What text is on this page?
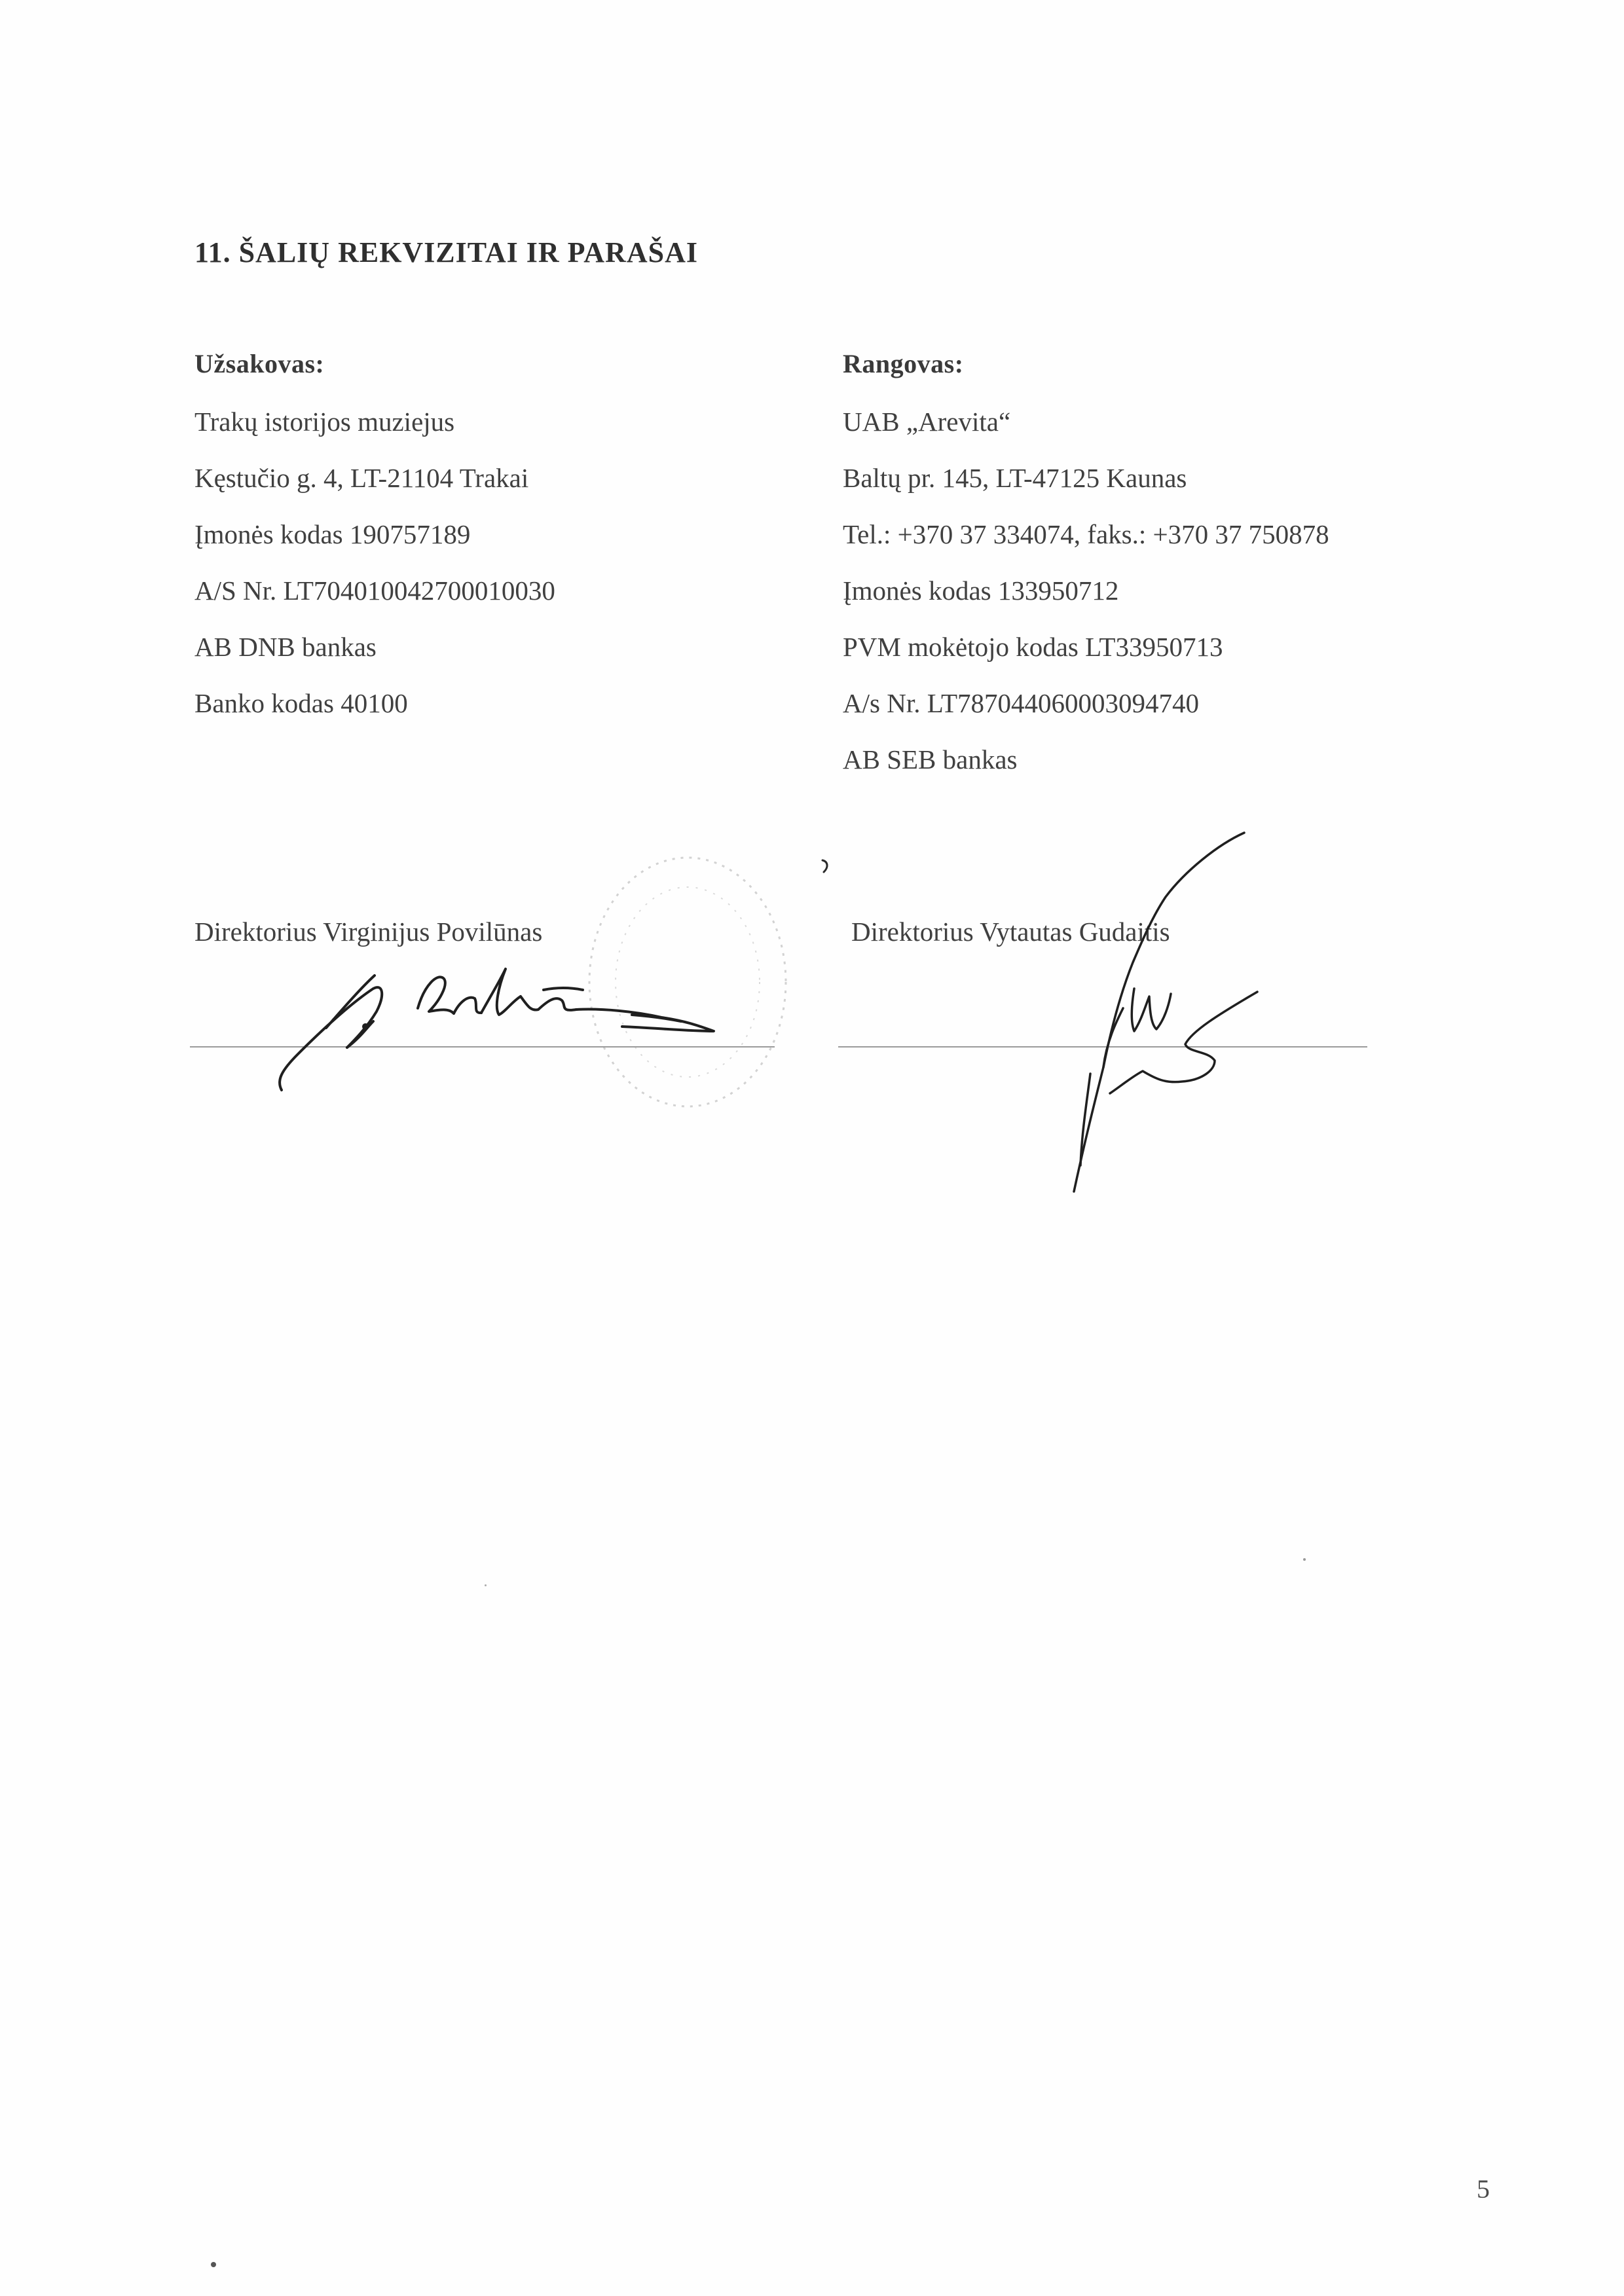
11. ŠALIŲ REKVIZITAI IR PARAŠAI
Užsakovas:
Trakų istorijos muziejus
Kęstučio g. 4, LT-21104 Trakai
Įmonės kodas 190757189
A/S Nr. LT704010042700010030
AB DNB bankas
Banko kodas 40100
Rangovas:
UAB „Arevita“
Baltų pr. 145, LT-47125 Kaunas
Tel.: +370 37 334074, faks.: +370 37 750878
Įmonės kodas 133950712
PVM mokėtojo kodas LT33950713
A/s Nr. LT787044060003094740
AB SEB bankas
Direktorius Virginijus Povilūnas	Direktorius Vytautas Gudaitis
5
